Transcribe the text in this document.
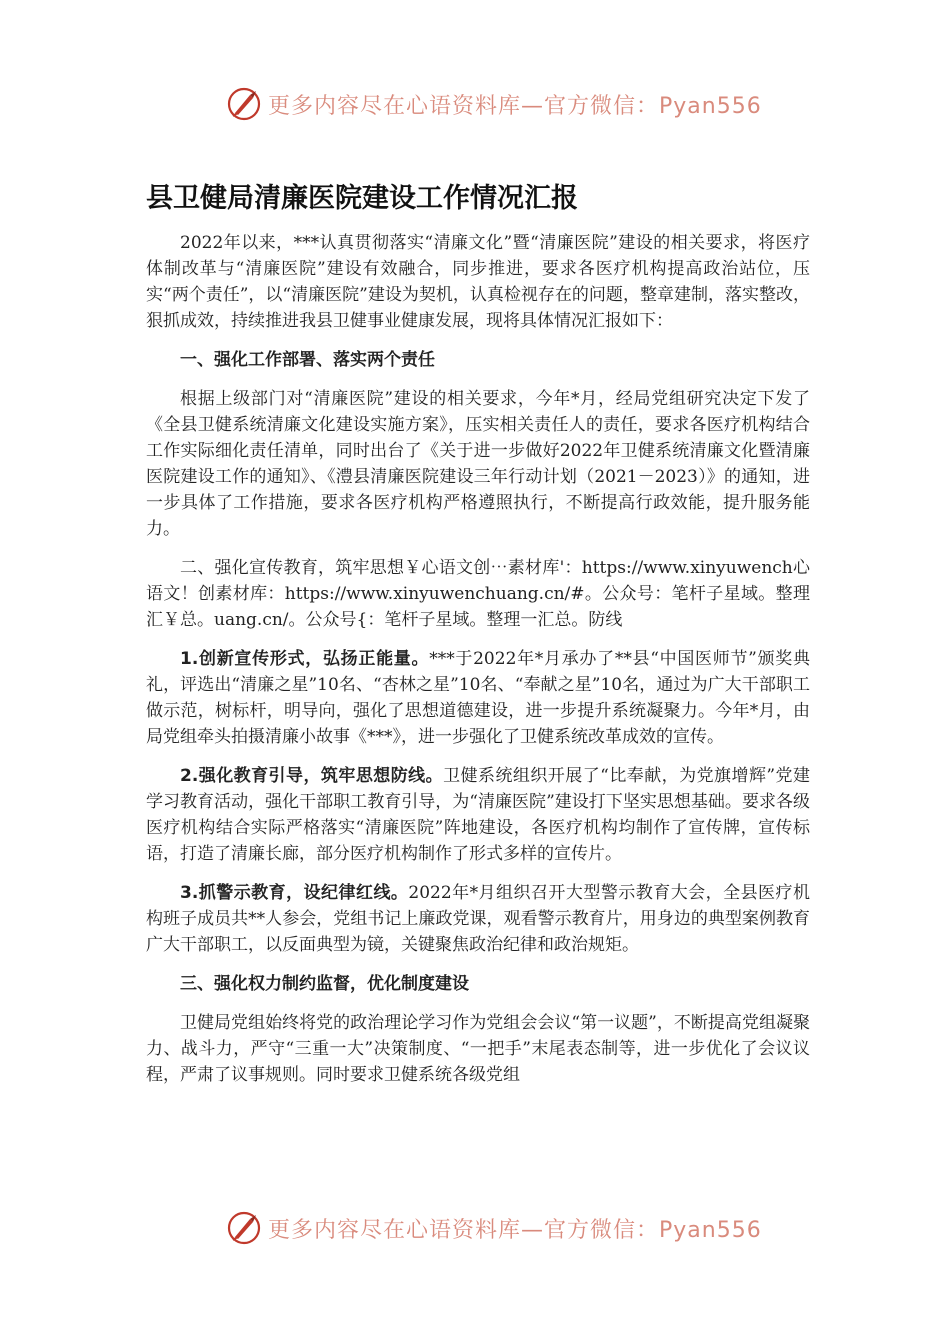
更多内容尽在心语资料库—官方微信：Pyan556
县卫健局清廉医院建设工作情况汇报

2022年以来，***认真贯彻落实“清廉文化”暨“清廉医院”建设的相关要求，将医疗体制改革与“清廉医院”建设有效融合，同步推进，要求各医疗机构提高政治站位，压实“两个责任”，以“清廉医院”建设为契机，认真检视存在的问题，整章建制，落实整改，狠抓成效，持续推进我县卫健事业健康发展，现将具体情况汇报如下：

一、强化工作部署、落实两个责任

根据上级部门对“清廉医院”建设的相关要求，今年*月，经局党组研究决定下发了《全县卫健系统清廉文化建设实施方案》，压实相关责任人的责任，要求各医疗机构结合工作实际细化责任清单，同时出台了《关于进一步做好2022年卫健系统清廉文化暨清廉医院建设工作的通知》、《澧县清廉医院建设三年行动计划（2021－2023）》的通知，进一步具体了工作措施，要求各医疗机构严格遵照执行，不断提高行政效能，提升服务能力。

二、强化宣传教育，筑牢思想￥心语文创⋯素材库'：https://www.xinyuwench心语文！创素材库：https://www.xinyuwenchuang.cn/#。公众号：笔杆子星域。整理汇￥总。uang.cn/。公众号{：笔杆子星域。整理一汇总。防线

1.创新宣传形式，弘扬正能量。***于2022年*月承办了**县“中国医师节”颁奖典礼，评选出“清廉之星”10名、“杏林之星”10名、“奉献之星”10名，通过为广大干部职工做示范，树标杆，明导向，强化了思想道德建设，进一步提升系统凝聚力。今年*月，由局党组牵头拍摄清廉小故事《***》，进一步强化了卫健系统改革成效的宣传。

2.强化教育引导，筑牢思想防线。卫健系统组织开展了“比奉献，为党旗增辉”党建学习教育活动，强化干部职工教育引导，为“清廉医院”建设打下坚实思想基础。要求各级医疗机构结合实际严格落实“清廉医院”阵地建设，各医疗机构均制作了宣传牌，宣传标语，打造了清廉长廊，部分医疗机构制作了形式多样的宣传片。

3.抓警示教育，设纪律红线。2022年*月组织召开大型警示教育大会，全县医疗机构班子成员共**人参会，党组书记上廉政党课，观看警示教育片，用身边的典型案例教育广大干部职工，以反面典型为镜，关键聚焦政治纪律和政治规矩。

三、强化权力制约监督，优化制度建设

卫健局党组始终将党的政治理论学习作为党组会会议“第一议题”，不断提高党组凝聚力、战斗力，严守“三重一大”决策制度、“一把手”末尾表态制等，进一步优化了会议议程，严肃了议事规则。同时要求卫健系统各级党组

更多内容尽在心语资料库—官方微信：Pyan556
